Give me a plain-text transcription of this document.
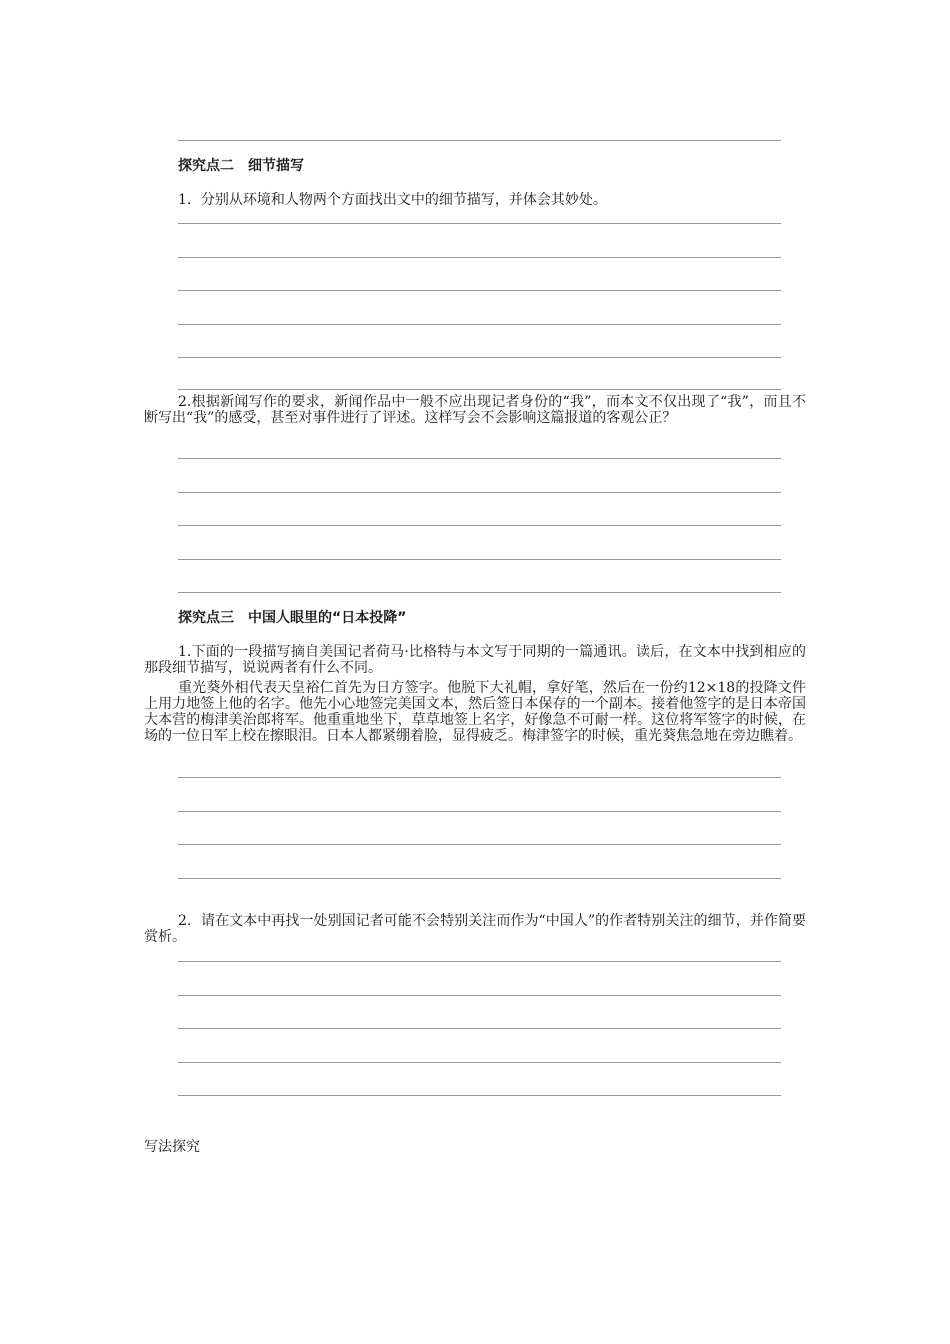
探究点二　细节描写
1．分别从环境和人物两个方面找出文中的细节描写，并体会其妙处。
2.根据新闻写作的要求，新闻作品中一般不应出现记者身份的“我”，而本文不仅出现了“我”，而且不断写出“我”的感受，甚至对事件进行了评述。这样写会不会影响这篇报道的客观公正？
探究点三　中国人眼里的“日本投降”
1.下面的一段描写摘自美国记者荷马·比格特与本文写于同期的一篇通讯。读后，在文本中找到相应的那段细节描写，说说两者有什么不同。
重光葵外相代表天皇裕仁首先为日方签字。他脱下大礼帽，拿好笔，然后在一份约12×18的投降文件上用力地签上他的名字。他先小心地签完美国文本，然后签日本保存的一个副本。接着他签字的是日本帝国大本营的梅津美治郎将军。他重重地坐下，草草地签上名字，好像急不可耐一样。这位将军签字的时候，在场的一位日军上校在擦眼泪。日本人都紧绷着脸，显得疲乏。梅津签字的时候，重光葵焦急地在旁边瞧着。
2．请在文本中再找一处别国记者可能不会特别关注而作为“中国人”的作者特别关注的细节，并作简要赏析。
写法探究
